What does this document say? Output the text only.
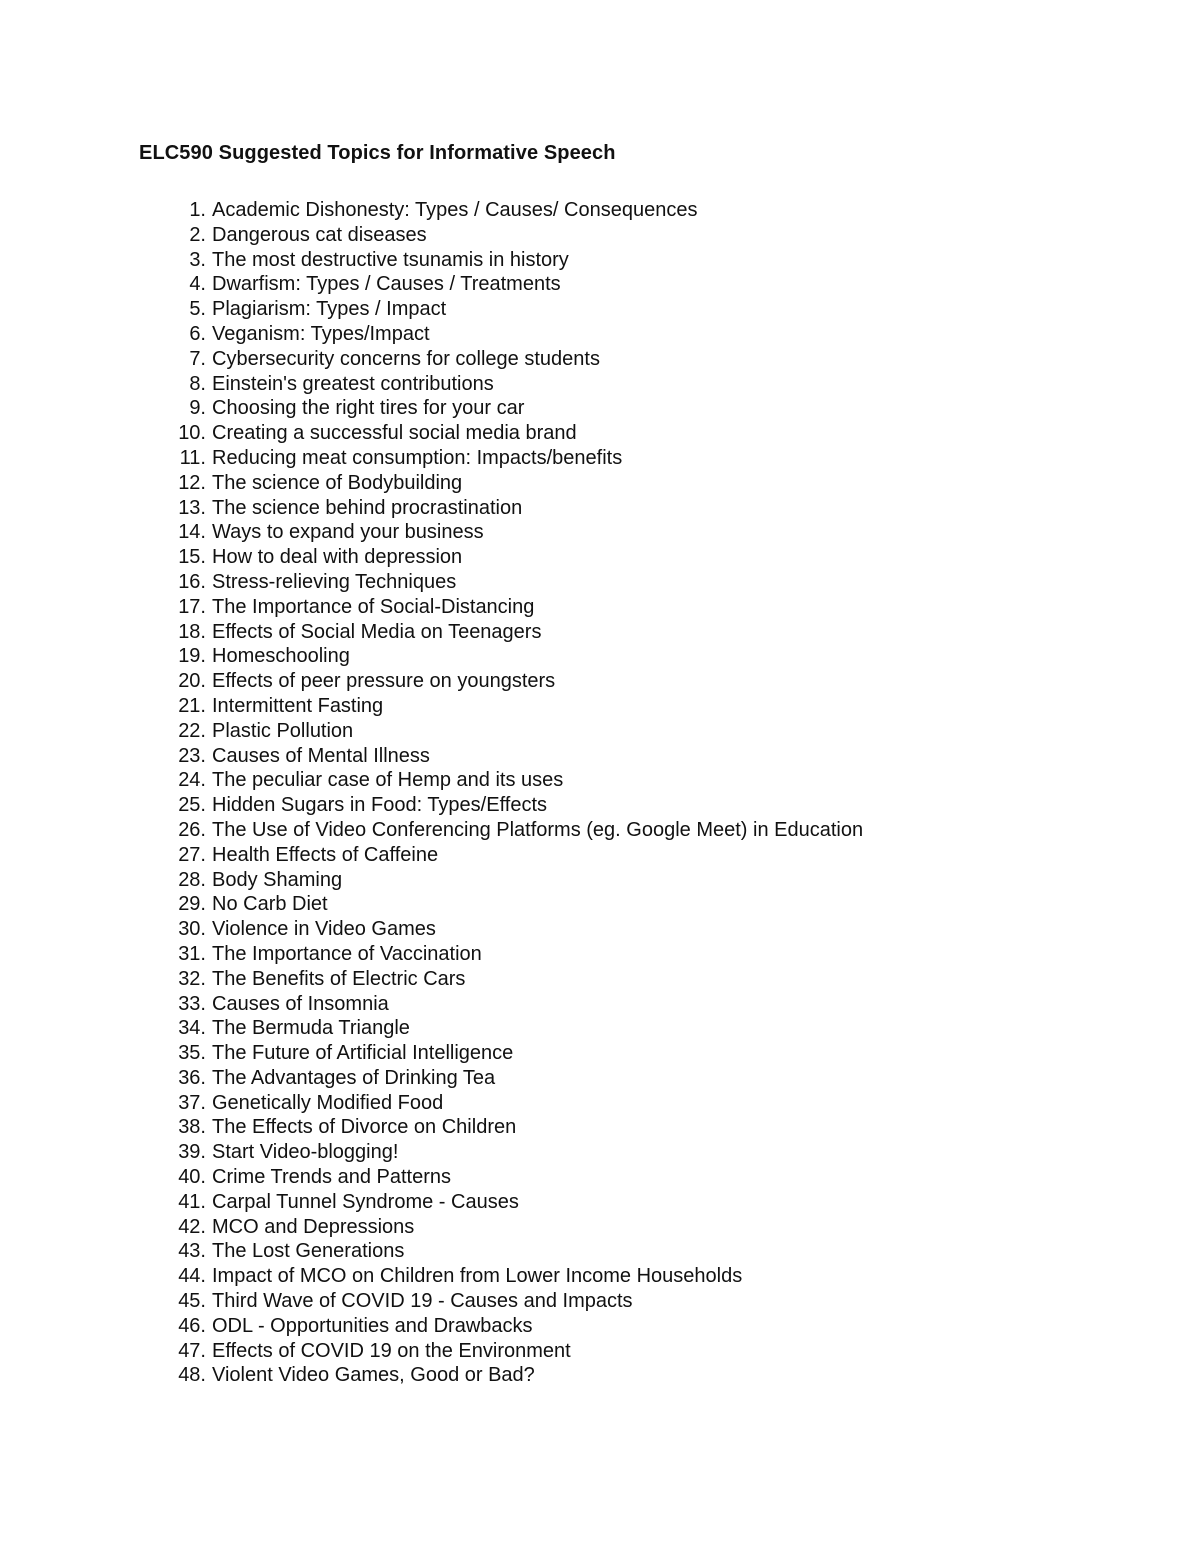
ELC590 Suggested Topics for Informative Speech
1. Academic Dishonesty: Types / Causes/ Consequences
2. Dangerous cat diseases
3. The most destructive tsunamis in history
4. Dwarfism: Types / Causes / Treatments
5. Plagiarism: Types / Impact
6. Veganism: Types/Impact
7. Cybersecurity concerns for college students
8. Einstein's greatest contributions
9. Choosing the right tires for your car
10. Creating a successful social media brand
11. Reducing meat consumption: Impacts/benefits
12. The science of Bodybuilding
13. The science behind procrastination
14. Ways to expand your business
15. How to deal with depression
16. Stress-relieving Techniques
17. The Importance of Social-Distancing
18. Effects of Social Media on Teenagers
19. Homeschooling
20. Effects of peer pressure on youngsters
21. Intermittent Fasting
22. Plastic Pollution
23. Causes of Mental Illness
24. The peculiar case of Hemp and its uses
25. Hidden Sugars in Food: Types/Effects
26. The Use of Video Conferencing Platforms (eg. Google Meet) in Education
27. Health Effects of Caffeine
28. Body Shaming
29. No Carb Diet
30. Violence in Video Games
31. The Importance of Vaccination
32. The Benefits of Electric Cars
33. Causes of Insomnia
34. The Bermuda Triangle
35. The Future of Artificial Intelligence
36. The Advantages of Drinking Tea
37. Genetically Modified Food
38. The Effects of Divorce on Children
39. Start Video-blogging!
40. Crime Trends and Patterns
41. Carpal Tunnel Syndrome - Causes
42. MCO and Depressions
43. The Lost Generations
44. Impact of MCO on Children from Lower Income Households
45. Third Wave of COVID 19 - Causes and Impacts
46. ODL - Opportunities and Drawbacks
47. Effects of COVID 19 on the Environment
48. Violent Video Games, Good or Bad?
